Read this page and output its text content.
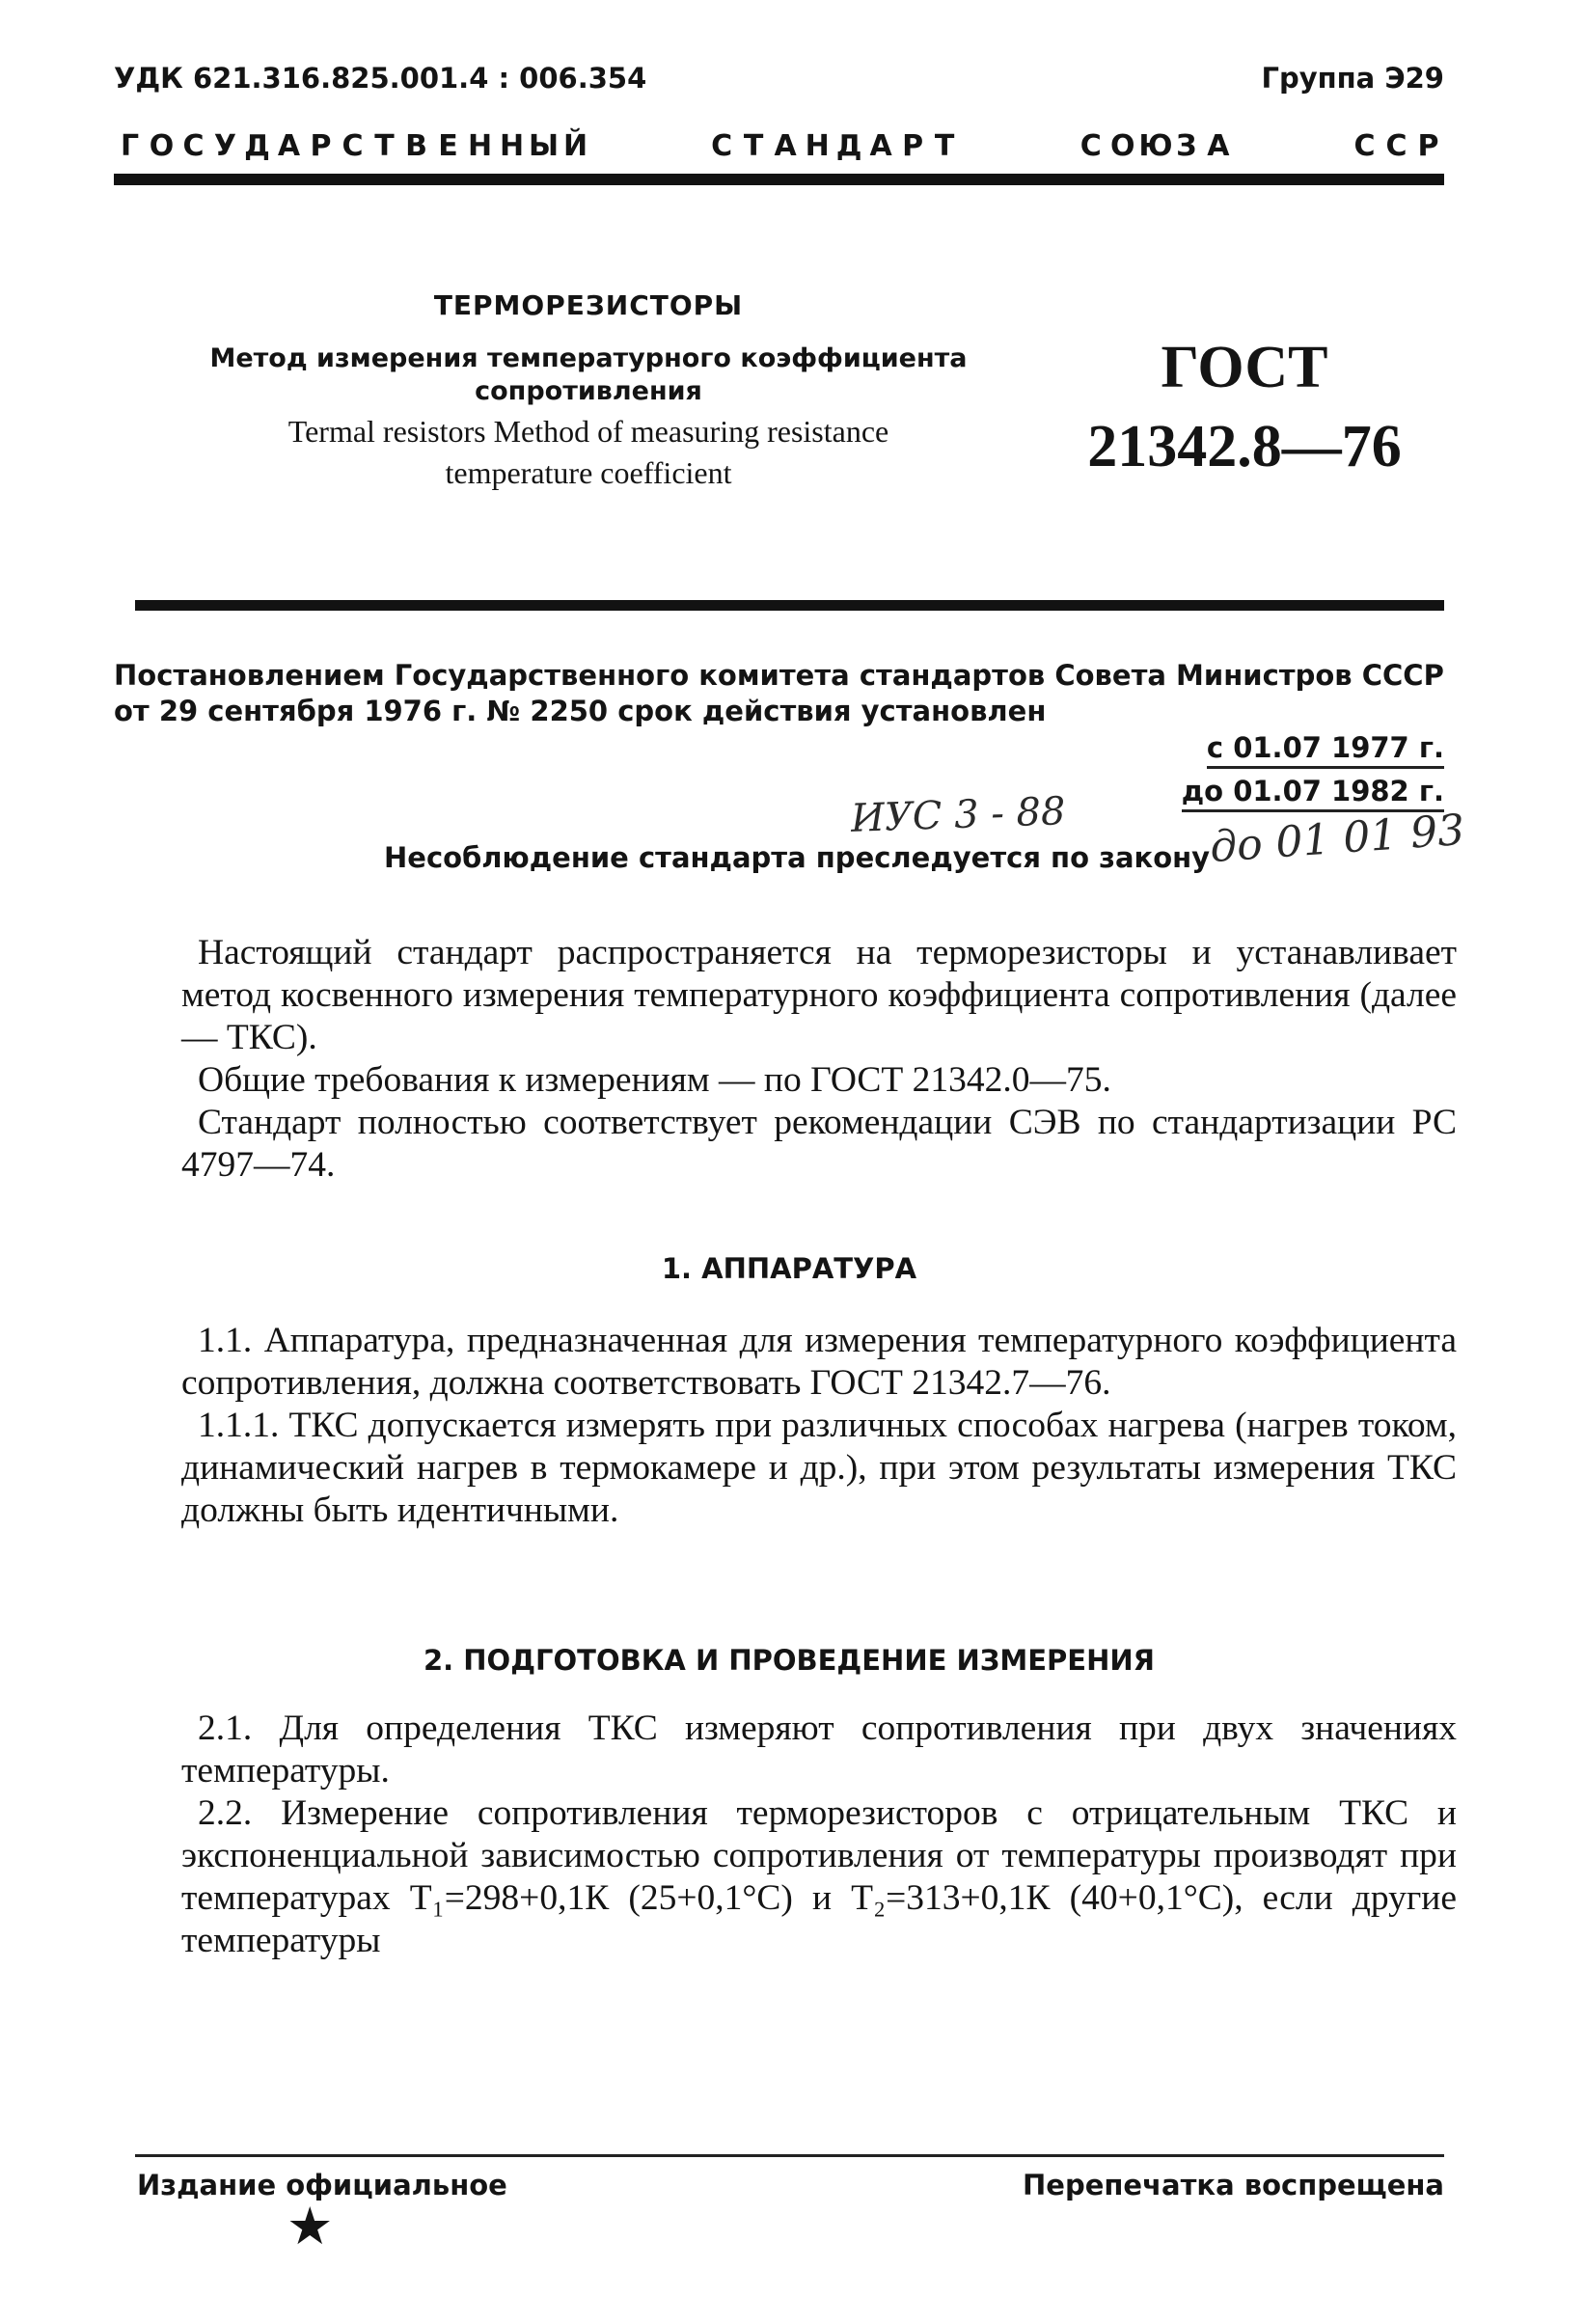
УДК 621.316.825.001.4 : 006.354	Группа Э29
Г О С У Д А Р С Т В Е Н Н Ы Й	С Т А Н Д А Р Т	С О Ю З А	С С Р
ТЕРМОРЕЗИСТОРЫ
Метод измерения температурного коэффициента
сопротивления
Termal resistors Method of measuring resistance
temperature coefficient
ГОСТ
21342.8—76
Постановлением Государственного комитета стандартов Совета Министров СССР
от 29 сентября 1976 г. № 2250 срок действия установлен
с 01.07 1977 г.
до 01.07 1982 г.
ИУС 3 - 88	до 01 01 93
Несоблюдение стандарта преследуется по закону

Настоящий стандарт распространяется на терморезисторы и устанавливает метод косвенного измерения температурного коэффициента сопротивления (далее — ТКС).

Общие требования к измерениям — по ГОСТ 21342.0—75.

Стандарт полностью соответствует рекомендации СЭВ по стандартизации РС 4797—74.

1. АППАРАТУРА

1.1. Аппаратура, предназначенная для измерения температурного коэффициента сопротивления, должна соответствовать ГОСТ 21342.7—76.

1.1.1. ТКС допускается измерять при различных способах нагрева (нагрев током, динамический нагрев в термокамере и др.), при этом результаты измерения ТКС должны быть идентичными.

2. ПОДГОТОВКА И ПРОВЕДЕНИЕ ИЗМЕРЕНИЯ

2.1. Для определения ТКС измеряют сопротивления при двух значениях температуры.

2.2. Измерение сопротивления терморезисторов с отрицательным ТКС и экспоненциальной зависимостью сопротивления от температуры производят при температурах T₁=298+0,1К (25+0,1°С) и T₂=313+0,1К (40+0,1°С), если другие температуры

Издание официальное	Перепечатка воспрещена
★
